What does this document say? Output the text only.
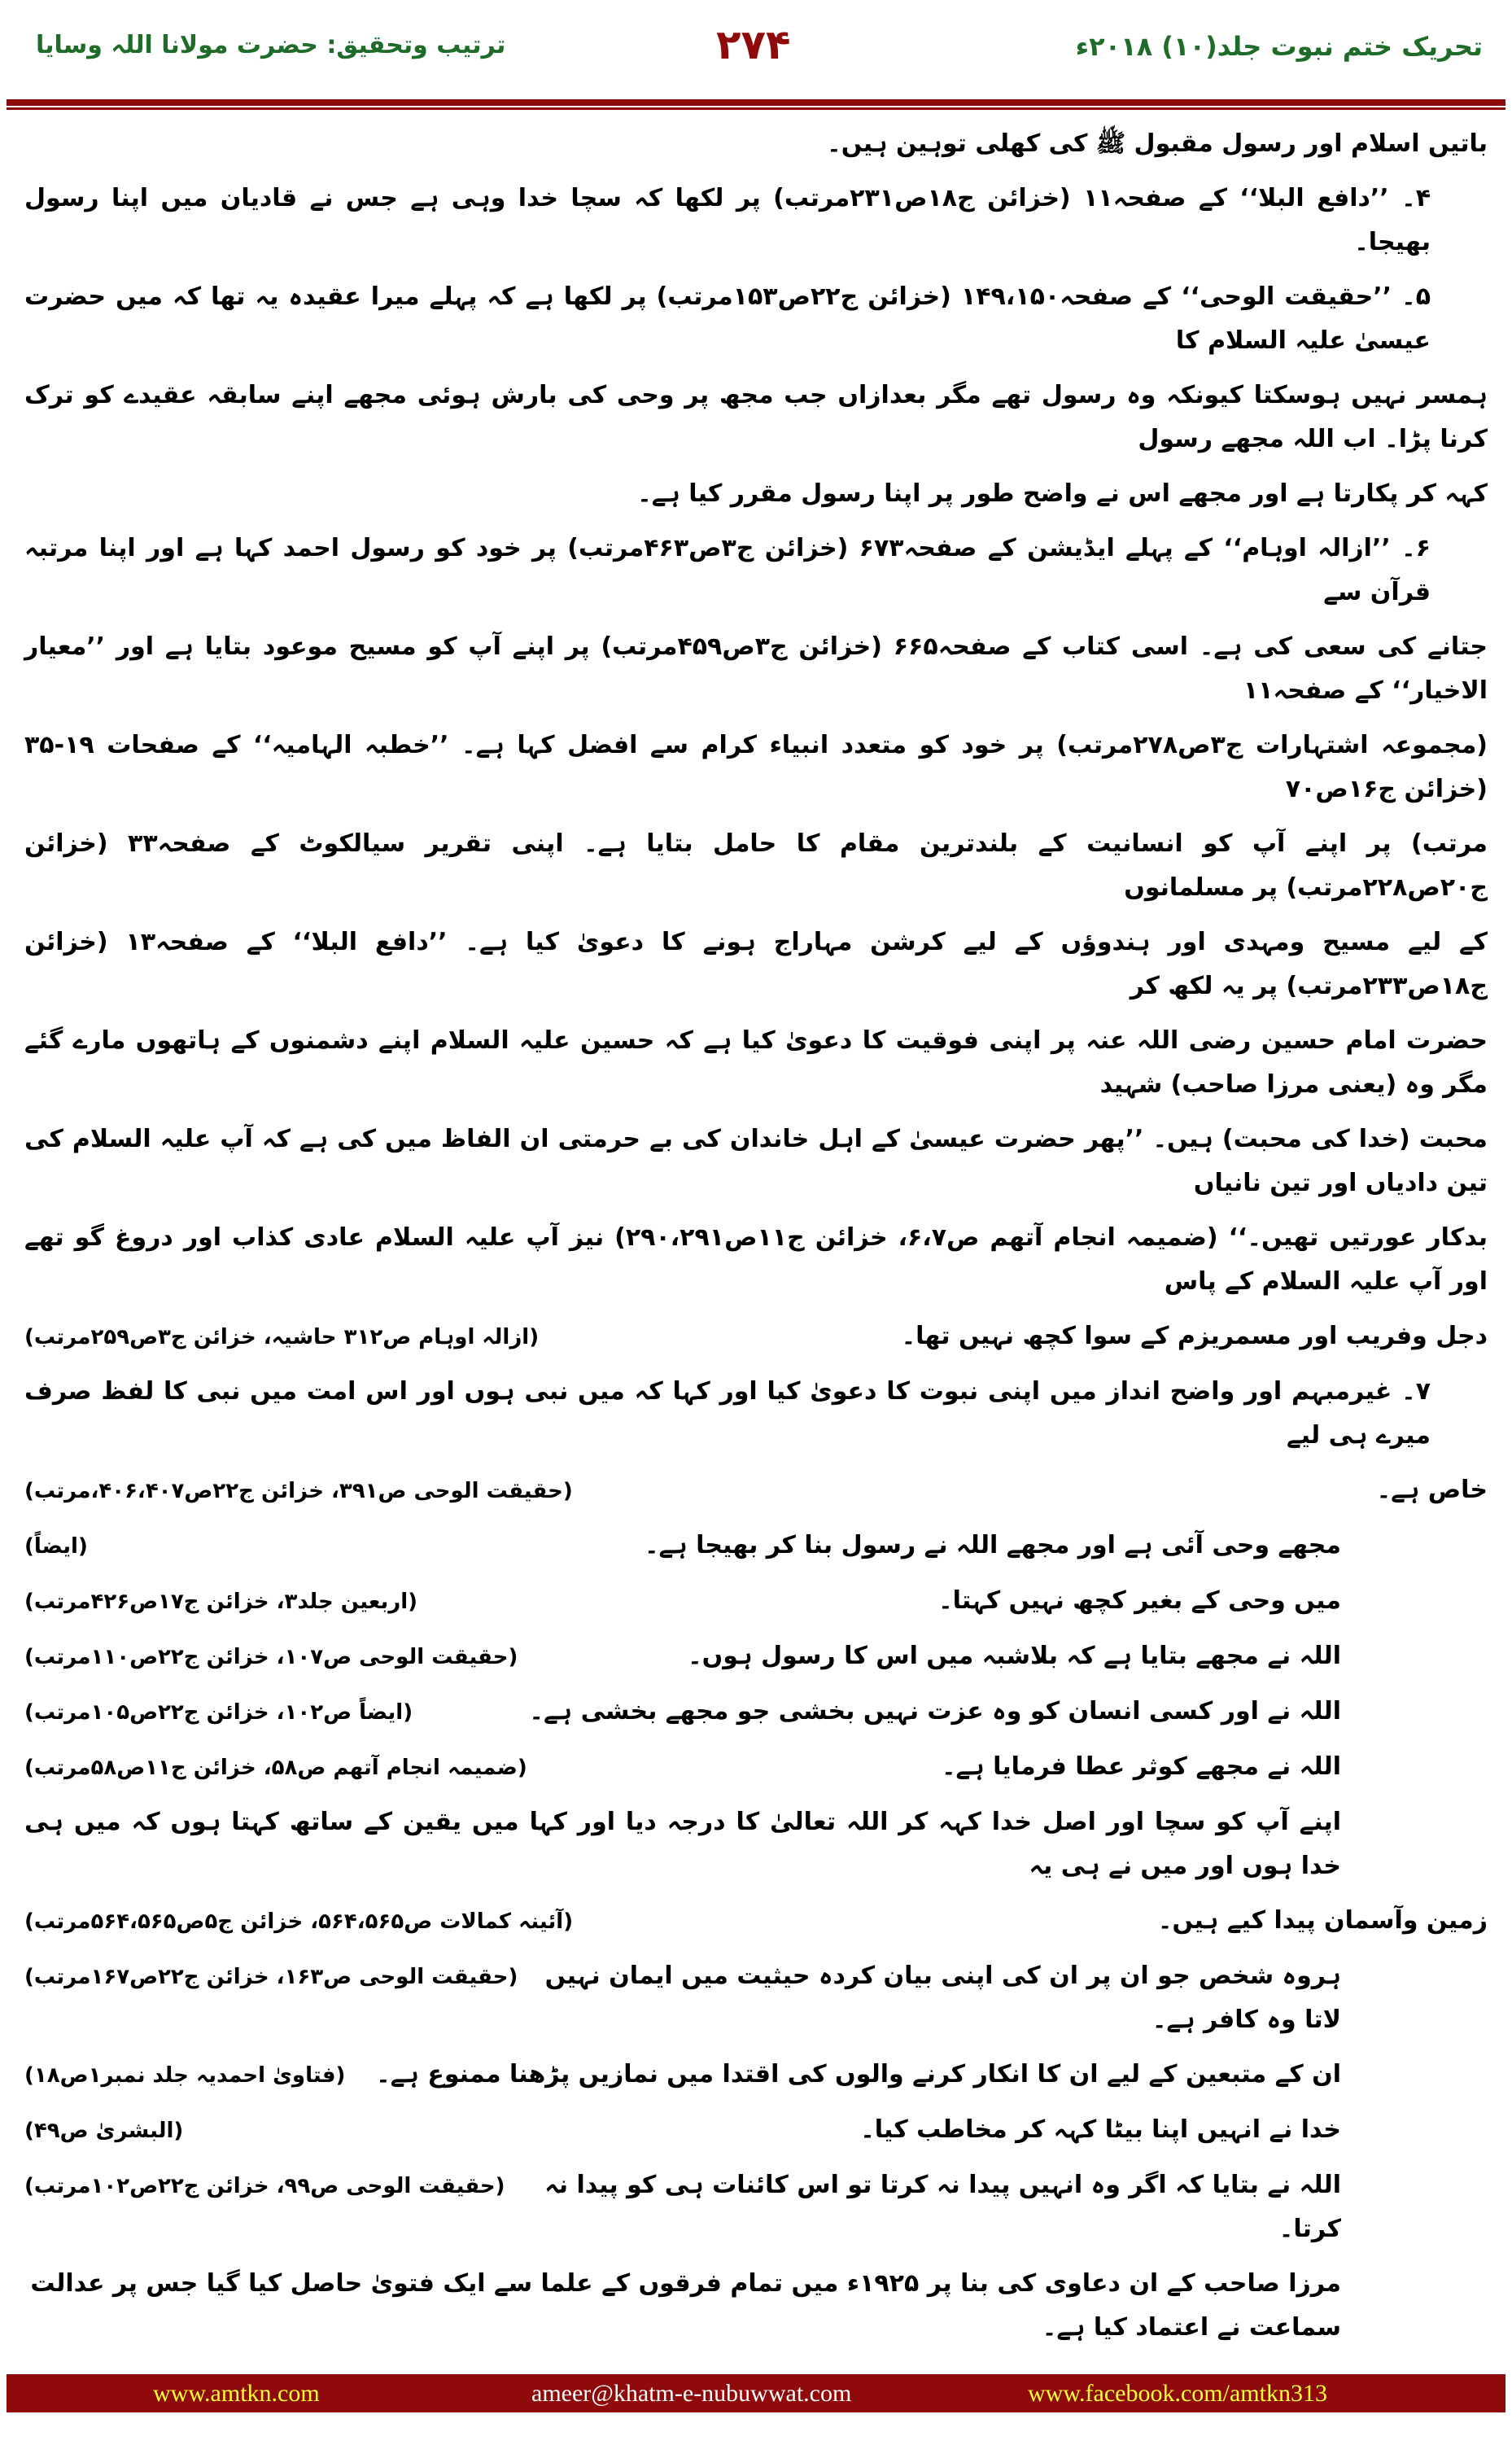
تحریک ختم نبوت جلد(۱۰) ۲۰۱۸ء
۲۷۴
ترتیب وتحقیق: حضرت مولانا اللہ وسایا
باتیں اسلام اور رسول مقبول ﷺ کی کھلی توہین ہیں۔
۴۔ ’’دافع البلا‘‘ کے صفحہ۱۱ (خزائن ج۱۸ص۲۳۱مرتب) پر لکھا کہ سچا خدا وہی ہے جس نے قادیان میں اپنا رسول بھیجا۔
۵۔ ’’حقیقت الوحی‘‘ کے صفحہ۱۴۹،۱۵۰ (خزائن ج۲۲ص۱۵۳مرتب) پر لکھا ہے کہ پہلے میرا عقیدہ یہ تھا کہ میں حضرت عیسیٰ علیہ السلام کا
ہمسر نہیں ہوسکتا کیونکہ وہ رسول تھے مگر بعدازاں جب مجھ پر وحی کی بارش ہوئی مجھے اپنے سابقہ عقیدے کو ترک کرنا پڑا۔ اب اللہ مجھے رسول
کہہ کر پکارتا ہے اور مجھے اس نے واضح طور پر اپنا رسول مقرر کیا ہے۔
۶۔ ’’ازالہ اوہام‘‘ کے پہلے ایڈیشن کے صفحہ۶۷۳ (خزائن ج۳ص۴۶۳مرتب) پر خود کو رسول احمد کہا ہے اور اپنا مرتبہ قرآن سے
جتانے کی سعی کی ہے۔ اسی کتاب کے صفحہ۶۶۵ (خزائن ج۳ص۴۵۹مرتب) پر اپنے آپ کو مسیح موعود بتایا ہے اور ’’معیار الاخیار‘‘ کے صفحہ۱۱
(مجموعہ اشتہارات ج۳ص۲۷۸مرتب) پر خود کو متعدد انبیاء کرام سے افضل کہا ہے۔ ’’خطبہ الہامیہ‘‘ کے صفحات ۱۹-۳۵ (خزائن ج۱۶ص۷۰
مرتب) پر اپنے آپ کو انسانیت کے بلندترین مقام کا حامل بتایا ہے۔ اپنی تقریر سیالکوٹ کے صفحہ۳۳ (خزائن ج۲۰ص۲۲۸مرتب) پر مسلمانوں
کے لیے مسیح ومہدی اور ہندوؤں کے لیے کرشن مہاراج ہونے کا دعویٰ کیا ہے۔ ’’دافع البلا‘‘ کے صفحہ۱۳ (خزائن ج۱۸ص۲۳۳مرتب) پر یہ لکھ کر
حضرت امام حسین رضی اللہ عنہ پر اپنی فوقیت کا دعویٰ کیا ہے کہ حسین علیہ السلام اپنے دشمنوں کے ہاتھوں مارے گئے مگر وہ (یعنی مرزا صاحب) شہید
محبت (خدا کی محبت) ہیں۔ ’’پھر حضرت عیسیٰ کے اہل خاندان کی بے حرمتی ان الفاظ میں کی ہے کہ آپ علیہ السلام کی تین دادیاں اور تین نانیاں
بدکار عورتیں تھیں۔‘‘ (ضمیمہ انجام آتھم ص۶،۷، خزائن ج۱۱ص۲۹۰،۲۹۱) نیز آپ علیہ السلام عادی کذاب اور دروغ گو تھے اور آپ علیہ السلام کے پاس
دجل وفریب اور مسمریزم کے سوا کچھ نہیں تھا۔
(ازالہ اوہام ص۳۱۲ حاشیہ، خزائن ج۳ص۲۵۹مرتب)
۷۔ غیرمبہم اور واضح انداز میں اپنی نبوت کا دعویٰ کیا اور کہا کہ میں نبی ہوں اور اس امت میں نبی کا لفظ صرف میرے ہی لیے
خاص ہے۔
(حقیقت الوحی ص۳۹۱، خزائن ج۲۲ص۴۰۶،۴۰۷،مرتب)
مجھے وحی آئی ہے اور مجھے اللہ نے رسول بنا کر بھیجا ہے۔
(ایضاً)
میں وحی کے بغیر کچھ نہیں کہتا۔
(اربعین جلد۳، خزائن ج۱۷ص۴۲۶مرتب)
اللہ نے مجھے بتایا ہے کہ بلاشبہ میں اس کا رسول ہوں۔
(حقیقت الوحی ص۱۰۷، خزائن ج۲۲ص۱۱۰مرتب)
اللہ نے اور کسی انسان کو وہ عزت نہیں بخشی جو مجھے بخشی ہے۔
(ایضاً ص۱۰۲، خزائن ج۲۲ص۱۰۵مرتب)
اللہ نے مجھے کوثر عطا فرمایا ہے۔
(ضمیمہ انجام آتھم ص۵۸، خزائن ج۱۱ص۵۸مرتب)
اپنے آپ کو سچا اور اصل خدا کہہ کر اللہ تعالیٰ کا درجہ دیا اور کہا میں یقین کے ساتھ کہتا ہوں کہ میں ہی خدا ہوں اور میں نے ہی یہ
زمین وآسمان پیدا کیے ہیں۔
(آئینہ کمالات ص۵۶۴،۵۶۵، خزائن ج۵ص۵۶۴،۵۶۵مرتب)
ہروہ شخص جو ان پر ان کی اپنی بیان کردہ حیثیت میں ایمان نہیں لاتا وہ کافر ہے۔
(حقیقت الوحی ص۱۶۳، خزائن ج۲۲ص۱۶۷مرتب)
ان کے متبعین کے لیے ان کا انکار کرنے والوں کی اقتدا میں نمازیں پڑھنا ممنوع ہے۔
(فتاویٰ احمدیہ جلد نمبر۱ص۱۸)
خدا نے انہیں اپنا بیٹا کہہ کر مخاطب کیا۔
(البشریٰ ص۴۹)
اللہ نے بتایا کہ اگر وہ انہیں پیدا نہ کرتا تو اس کائنات ہی کو پیدا نہ کرتا۔
(حقیقت الوحی ص۹۹، خزائن ج۲۲ص۱۰۲مرتب)
مرزا صاحب کے ان دعاوی کی بنا پر ۱۹۲۵ء میں تمام فرقوں کے علما سے ایک فتویٰ حاصل کیا گیا جس پر عدالت سماعت نے اعتماد کیا ہے۔
www.amtkn.com	ameer@khatm-e-nubuwwat.com	www.facebook.com/amtkn313
